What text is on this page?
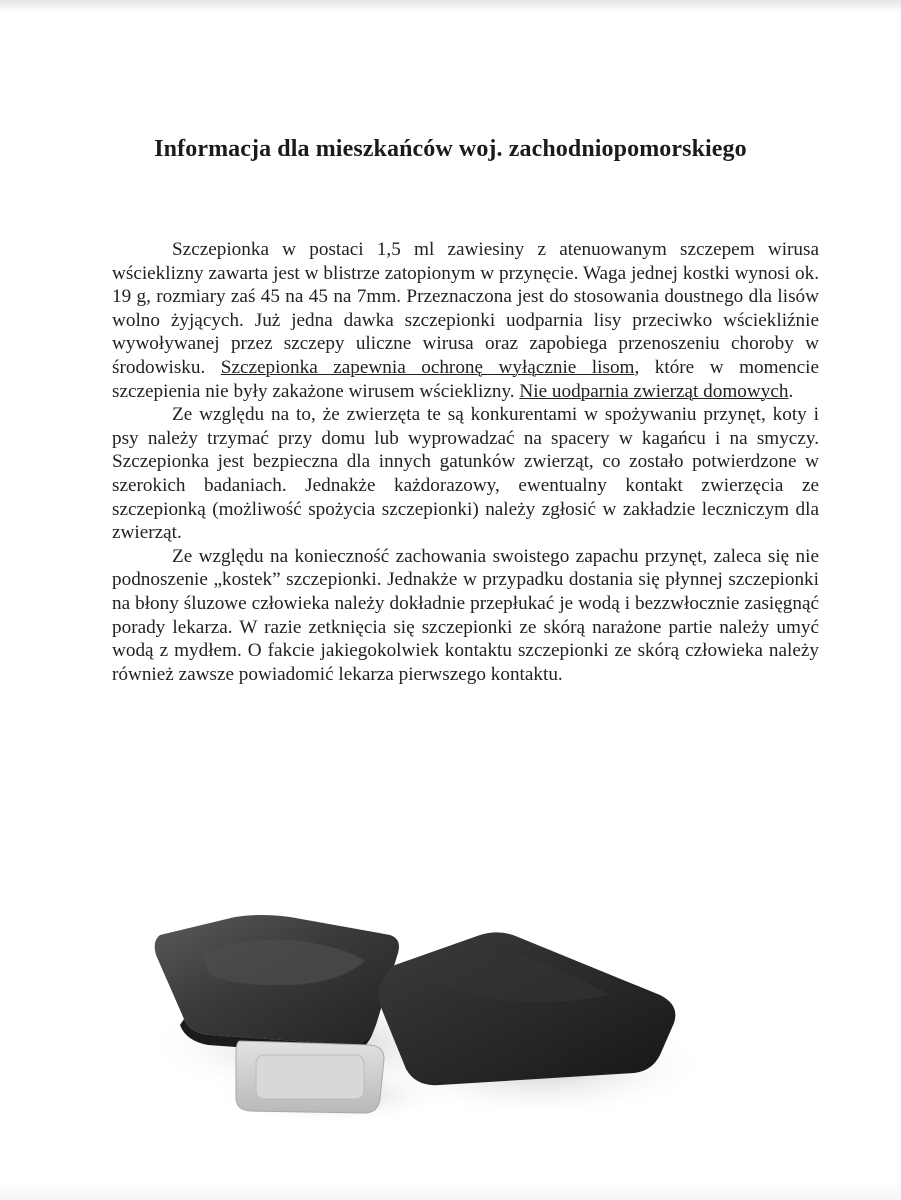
Informacja dla mieszkańców woj. zachodniopomorskiego

Szczepionka w postaci 1,5 ml zawiesiny z atenuowanym szczepem wirusa wścieklizny zawarta jest w blistrze zatopionym w przynęcie. Waga jednej kostki wynosi ok. 19 g, rozmiary zaś 45 na 45 na 7mm. Przeznaczona jest do stosowania doustnego dla lisów wolno żyjących. Już jedna dawka szczepionki uodparnia lisy przeciwko wściekliźnie wywoływanej przez szczepy uliczne wirusa oraz zapobiega przenoszeniu choroby w środowisku. Szczepionka zapewnia ochronę wyłącznie lisom, które w momencie szczepienia nie były zakażone wirusem wścieklizny. Nie uodparnia zwierząt domowych.

Ze względu na to, że zwierzęta te są konkurentami w spożywaniu przynęt, koty i psy należy trzymać przy domu lub wyprowadzać na spacery w kagańcu i na smyczy. Szczepionka jest bezpieczna dla innych gatunków zwierząt, co zostało potwierdzone w szerokich badaniach. Jednakże każdorazowy, ewentualny kontakt zwierzęcia ze szczepionką (możliwość spożycia szczepionki) należy zgłosić w zakładzie leczniczym dla zwierząt.

Ze względu na konieczność zachowania swoistego zapachu przynęt, zaleca się nie podnoszenie „kostek” szczepionki. Jednakże w przypadku dostania się płynnej szczepionki na błony śluzowe człowieka należy dokładnie przepłukać je wodą i bezzwłocznie zasięgnąć porady lekarza. W razie zetknięcia się szczepionki ze skórą narażone partie należy umyć wodą z mydłem. O fakcie jakiegokolwiek kontaktu szczepionki ze skórą człowieka należy również zawsze powiadomić lekarza pierwszego kontaktu.
